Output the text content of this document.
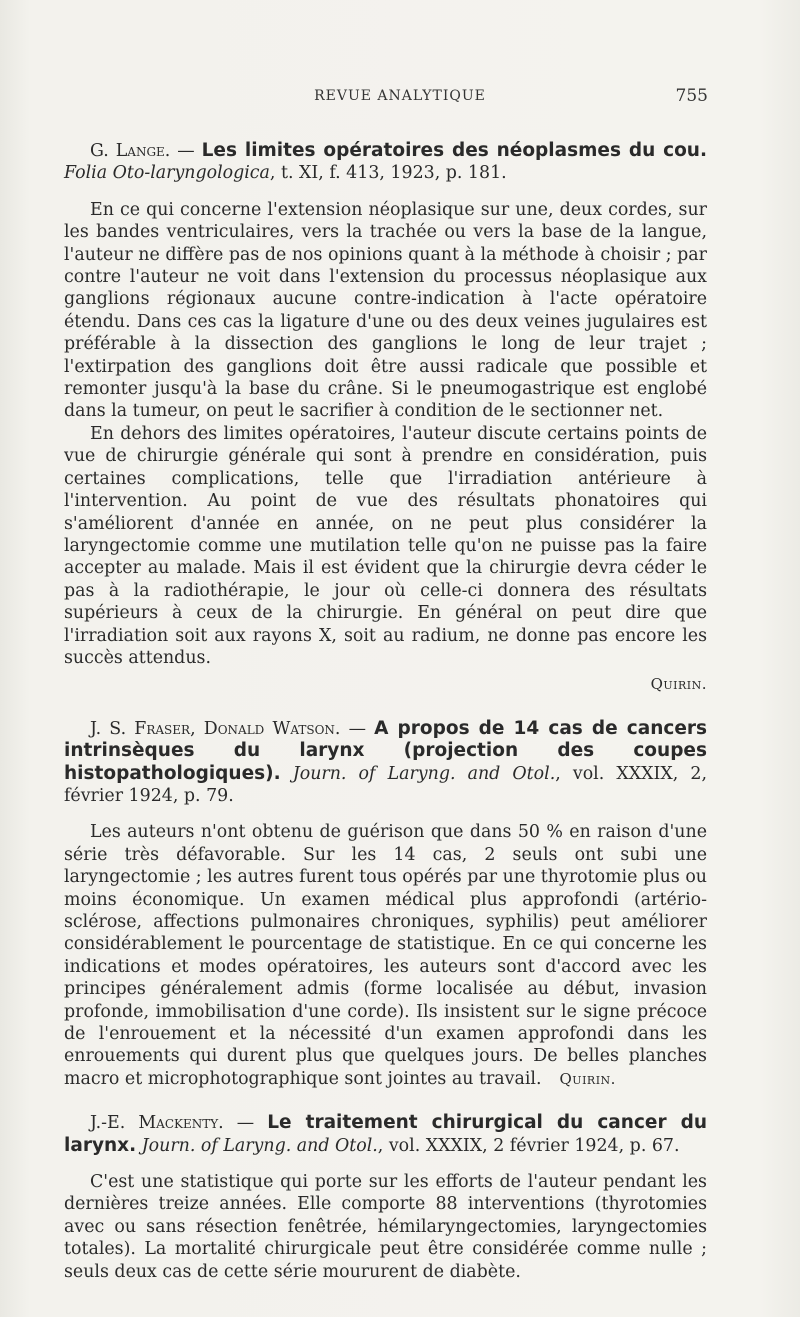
REVUE ANALYTIQUE	755

G. Lange. — Les limites opératoires des néoplasmes du cou. Folia Oto-laryngologica, t. XI, f. 413, 1923, p. 181.

En ce qui concerne l'extension néoplasique sur une, deux cordes, sur les bandes ventriculaires, vers la trachée ou vers la base de la langue, l'auteur ne diffère pas de nos opinions quant à la méthode à choisir ; par contre l'auteur ne voit dans l'extension du processus néoplasique aux ganglions régionaux aucune contre-indication à l'acte opératoire étendu. Dans ces cas la ligature d'une ou des deux veines jugulaires est préférable à la dissection des ganglions le long de leur trajet ; l'extirpation des ganglions doit être aussi radicale que possible et remonter jusqu'à la base du crâne. Si le pneumogastrique est englobé dans la tumeur, on peut le sacrifier à condition de le sectionner net.

En dehors des limites opératoires, l'auteur discute certains points de vue de chirurgie générale qui sont à prendre en considération, puis certaines complications, telle que l'irradiation antérieure à l'intervention. Au point de vue des résultats phonatoires qui s'améliorent d'année en année, on ne peut plus considérer la laryngectomie comme une mutilation telle qu'on ne puisse pas la faire accepter au malade. Mais il est évident que la chirurgie devra céder le pas à la radiothérapie, le jour où celle-ci donnera des résultats supérieurs à ceux de la chirurgie. En général on peut dire que l'irradiation soit aux rayons X, soit au radium, ne donne pas encore les succès attendus.

Quirin.

J. S. Fraser, Donald Watson. — A propos de 14 cas de cancers intrinsèques du larynx (projection des coupes histopathologiques). Journ. of Laryng. and Otol., vol. XXXIX, 2, février 1924, p. 79.

Les auteurs n'ont obtenu de guérison que dans 50 % en raison d'une série très défavorable. Sur les 14 cas, 2 seuls ont subi une laryngectomie ; les autres furent tous opérés par une thyrotomie plus ou moins économique. Un examen médical plus approfondi (artério-sclérose, affections pulmonaires chroniques, syphilis) peut améliorer considérablement le pourcentage de statistique. En ce qui concerne les indications et modes opératoires, les auteurs sont d'accord avec les principes généralement admis (forme localisée au début, invasion profonde, immobilisation d'une corde). Ils insistent sur le signe précoce de l'enrouement et la nécessité d'un examen approfondi dans les enrouements qui durent plus que quelques jours. De belles planches macro et microphotographique sont jointes au travail. Quirin.

J.-E. Mackenty. — Le traitement chirurgical du cancer du larynx. Journ. of Laryng. and Otol., vol. XXXIX, 2 février 1924, p. 67.

C'est une statistique qui porte sur les efforts de l'auteur pendant les dernières treize années. Elle comporte 88 interventions (thyrotomies avec ou sans résection fenêtrée, hémilaryngectomies, laryngectomies totales). La mortalité chirurgicale peut être considérée comme nulle ; seuls deux cas de cette série moururent de diabète.
